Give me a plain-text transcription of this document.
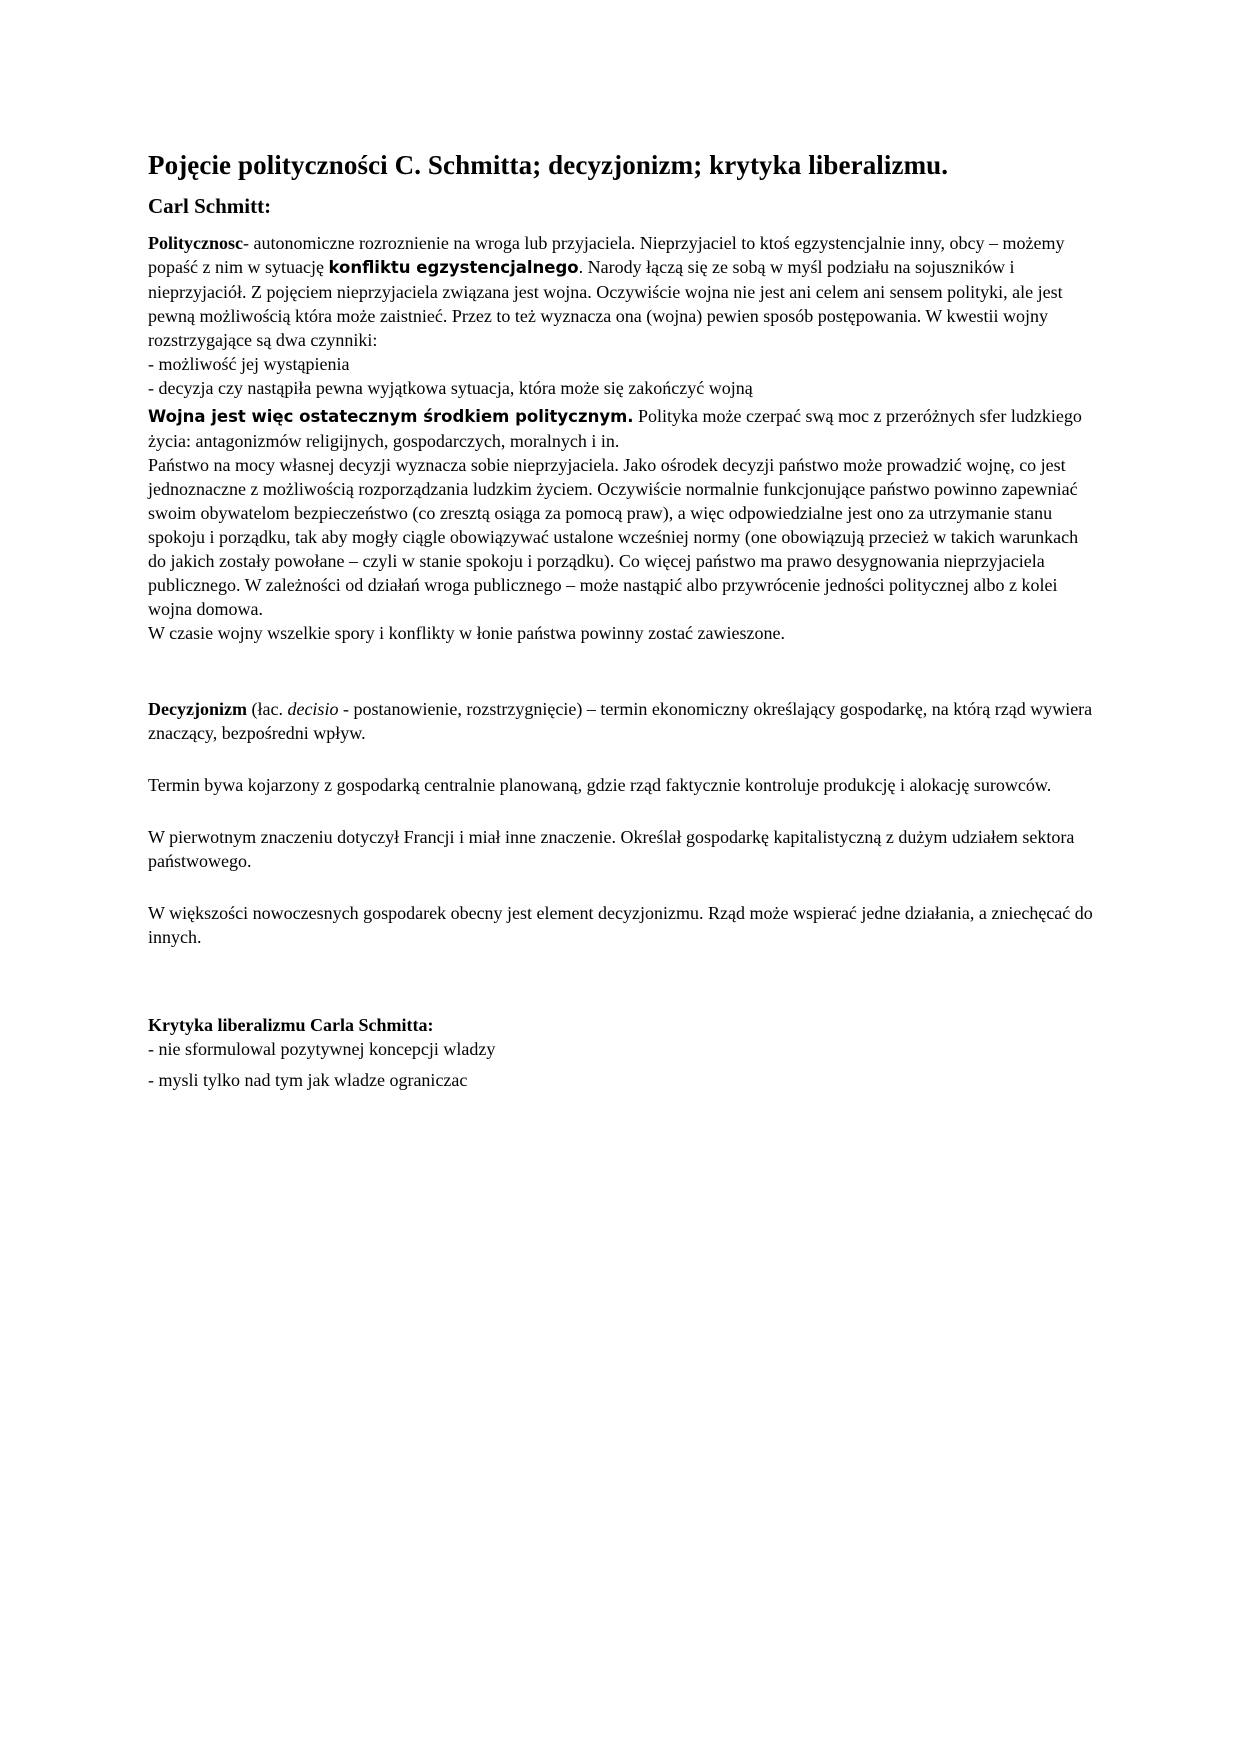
Pojęcie polityczności C. Schmitta; decyzjonizm; krytyka liberalizmu.
Carl Schmitt:
Politycznosc- autonomiczne rozroznienie na wroga lub przyjaciela. Nieprzyjaciel to ktoś egzystencjalnie inny, obcy – możemy popaść z nim w sytuację konfliktu egzystencjalnego. Narody łączą się ze sobą w myśl podziału na sojuszników i nieprzyjaciół. Z pojęciem nieprzyjaciela związana jest wojna. Oczywiście wojna nie jest ani celem ani sensem polityki, ale jest pewną możliwością która może zaistnieć. Przez to też wyznacza ona (wojna) pewien sposób postępowania. W kwestii wojny rozstrzygające są dwa czynniki:
- możliwość jej wystąpienia
- decyzja czy nastąpiła pewna wyjątkowa sytuacja, która może się zakończyć wojną
Wojna jest więc ostatecznym środkiem politycznym. Polityka może czerpać swą moc z przeróżnych sfer ludzkiego życia: antagonizmów religijnych, gospodarczych, moralnych i in.
Państwo na mocy własnej decyzji wyznacza sobie nieprzyjaciela. Jako ośrodek decyzji państwo może prowadzić wojnę, co jest jednoznaczne z możliwością rozporządzania ludzkim życiem. Oczywiście normalnie funkcjonujące państwo powinno zapewniać swoim obywatelom bezpieczeństwo (co zresztą osiąga za pomocą praw), a więc odpowiedzialne jest ono za utrzymanie stanu spokoju i porządku, tak aby mogły ciągle obowiązywać ustalone wcześniej normy (one obowiązują przecież w takich warunkach do jakich zostały powołane – czyli w stanie spokoju i porządku). Co więcej państwo ma prawo desygnowania nieprzyjaciela publicznego. W zależności od działań wroga publicznego – może nastąpić albo przywrócenie jedności politycznej albo z kolei wojna domowa.
W czasie wojny wszelkie spory i konflikty w łonie państwa powinny zostać zawieszone.
Decyzjonizm (łac. decisio - postanowienie, rozstrzygnięcie) – termin ekonomiczny określający gospodarkę, na którą rząd wywiera znaczący, bezpośredni wpływ.

Termin bywa kojarzony z gospodarką centralnie planowaną, gdzie rząd faktycznie kontroluje produkcję i alokację surowców.

W pierwotnym znaczeniu dotyczył Francji i miał inne znaczenie. Określał gospodarkę kapitalistyczną z dużym udziałem sektora państwowego.

W większości nowoczesnych gospodarek obecny jest element decyzjonizmu. Rząd może wspierać jedne działania, a zniechęcać do innych.

Krytyka liberalizmu Carla Schmitta:
- nie sformulowal pozytywnej koncepcji wladzy
- mysli tylko nad tym jak wladze ograniczac
